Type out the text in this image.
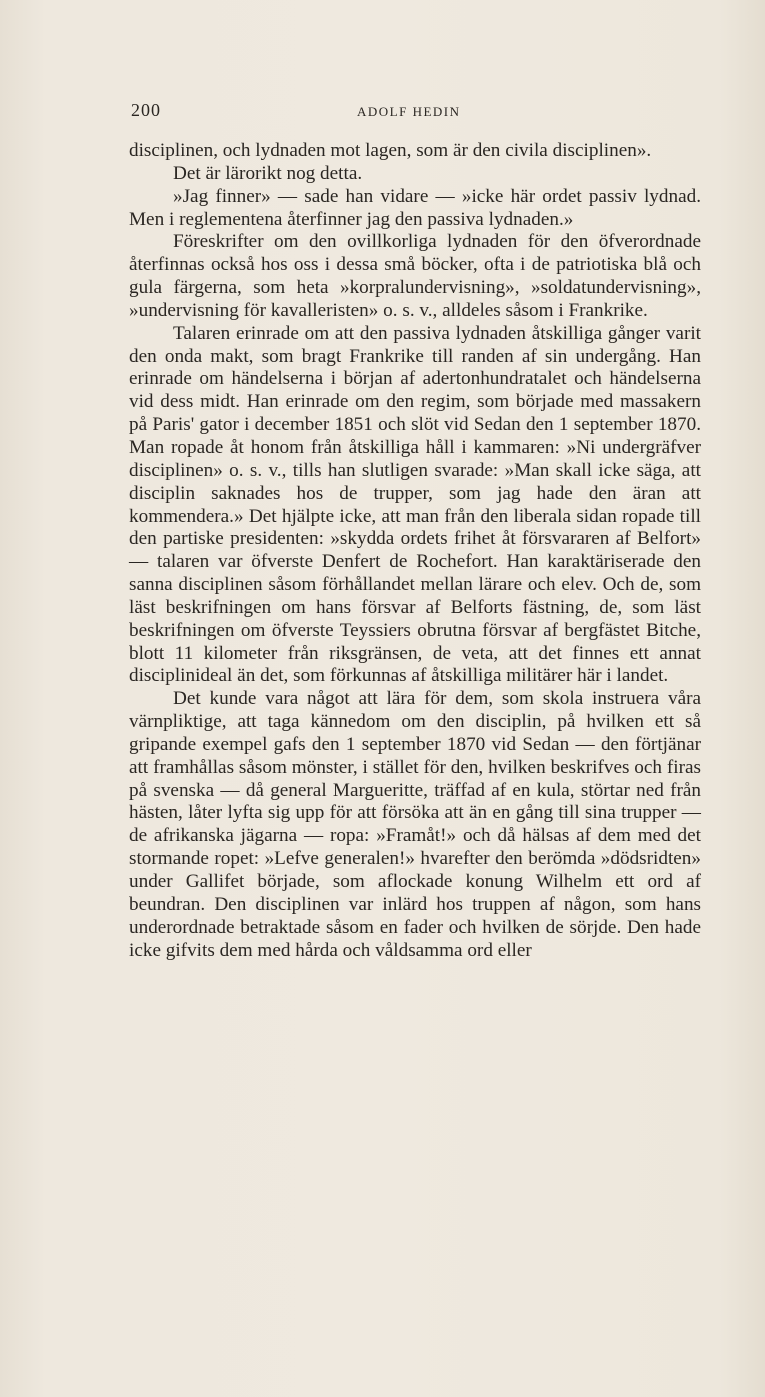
200	ADOLF HEDIN

disciplinen, och lydnaden mot lagen, som är den civila disciplinen».

Det är lärorikt nog detta.

»Jag finner» — sade han vidare — »icke här ordet passiv lydnad. Men i reglementena återfinner jag den passiva lydnaden.»

Föreskrifter om den ovillkorliga lydnaden för den öfverordnade återfinnas också hos oss i dessa små böcker, ofta i de patriotiska blå och gula färgerna, som heta »korpralundervisning», »soldatundervisning», »undervisning för kavalleristen» o. s. v., alldeles såsom i Frankrike.

Talaren erinrade om att den passiva lydnaden åtskilliga gånger varit den onda makt, som bragt Frankrike till randen af sin undergång. Han erinrade om händelserna i början af adertonhundratalet och händelserna vid dess midt. Han erinrade om den regim, som började med massakern på Paris' gator i december 1851 och slöt vid Sedan den 1 september 1870. Man ropade åt honom från åtskilliga håll i kammaren: »Ni undergräfver disciplinen» o. s. v., tills han slutligen svarade: »Man skall icke säga, att disciplin saknades hos de trupper, som jag hade den äran att kommendera.» Det hjälpte icke, att man från den liberala sidan ropade till den partiske presidenten: »skydda ordets frihet åt försvararen af Belfort» — talaren var öfverste Denfert de Rochefort. Han karaktäriserade den sanna disciplinen såsom förhållandet mellan lärare och elev. Och de, som läst beskrifningen om hans försvar af Belforts fästning, de, som läst beskrifningen om öfverste Teyssiers obrutna försvar af bergfästet Bitche, blott 11 kilometer från riksgränsen, de veta, att det finnes ett annat disciplinideal än det, som förkunnas af åtskilliga militärer här i landet.

Det kunde vara något att lära för dem, som skola instruera våra värnpliktige, att taga kännedom om den disciplin, på hvilken ett så gripande exempel gafs den 1 september 1870 vid Sedan — den förtjänar att framhållas såsom mönster, i stället för den, hvilken beskrifves och firas på svenska — då general Margueritte, träffad af en kula, störtar ned från hästen, låter lyfta sig upp för att försöka att än en gång till sina trupper — de afrikanska jägarna — ropa: »Framåt!» och då hälsas af dem med det stormande ropet: »Lefve generalen!» hvarefter den berömda »dödsridten» under Gallifet började, som aflockade konung Wilhelm ett ord af beundran. Den disciplinen var inlärd hos truppen af någon, som hans underordnade betraktade såsom en fader och hvilken de sörjde. Den hade icke gifvits dem med hårda och våldsamma ord eller
